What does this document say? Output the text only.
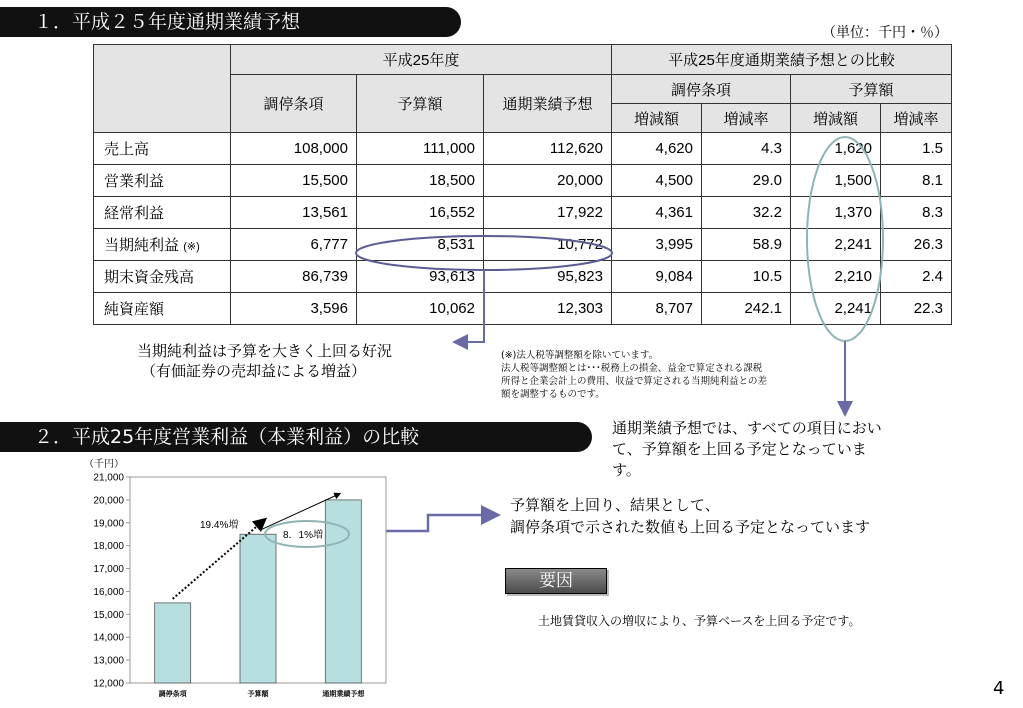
１．平成２５年度通期業績予想	（単位：千円・％）
	平成25年度			平成25年度通期業績予想との比較			
	調停条項	予算額	通期業績予想	調停条項		予算額	
				増減額	増減率	増減額	増減率
売上高	108,000	111,000	112,620	4,620	4.3	1,620	1.5
営業利益	15,500	18,500	20,000	4,500	29.0	1,500	8.1
経常利益	13,561	16,552	17,922	4,361	32.2	1,370	8.3
当期純利益 (※)	6,777	8,531	10,772	3,995	58.9	2,241	26.3
期末資金残高	86,739	93,613	95,823	9,084	10.5	2,210	2.4
純資産額	3,596	10,062	12,303	8,707	242.1	2,241	22.3
当期純利益は予算を大きく上回る好況
（有価証券の売却益による増益）
(※)法人税等調整額を除いています。
法人税等調整額とは･･･税務上の損金、益金で算定される課税
所得と企業会計上の費用、収益で算定される当期純利益との差
額を調整するものです。
通期業績予想では、すべての項目におい
て、予算額を上回る予定となっていま
す。
２．平成25年度営業利益（本業利益）の比較
（千円）
12,000
13,000
14,000
15,000
16,000
17,000
18,000
19,000
20,000
21,000
調停条項	予算額	通期業績予想
19.4%増
8．1%増
予算額を上回り、結果として、
調停条項で示された数値も上回る予定となっています
要因
土地賃貸収入の増収により、予算ベースを上回る予定です。
4
